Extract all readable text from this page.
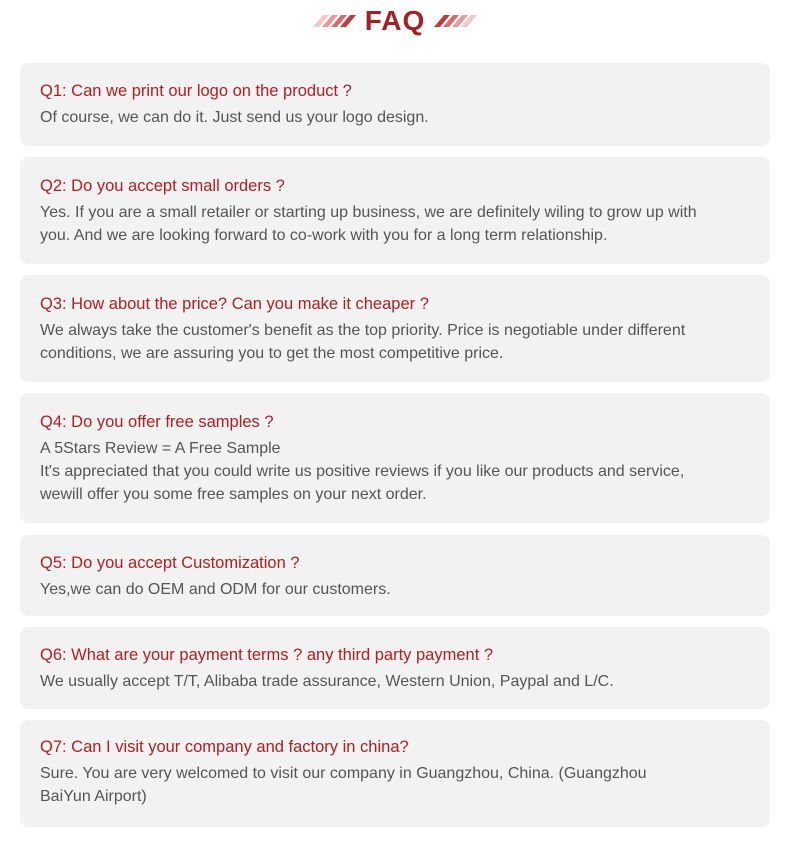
FAQ
Q1: Can we print our logo on the product ?
Of course, we can do it. Just send us your logo design.
Q2: Do you accept small orders ?
Yes. If you are a small retailer or starting up business, we are definitely wiling to grow up with
you. And we are looking forward to co-work with you for a long term relationship.
Q3: How about the price? Can you make it cheaper ?
We always take the customer's benefit as the top priority. Price is negotiable under different
conditions, we are assuring you to get the most competitive price.
Q4: Do you offer free samples ?
A 5Stars Review = A Free Sample
It's appreciated that you could write us positive reviews if you like our products and service,
wewill offer you some free samples on your next order.
Q5: Do you accept Customization ?
Yes,we can do OEM and ODM for our customers.
Q6: What are your payment terms ? any third party payment ?
We usually accept T/T, Alibaba trade assurance, Western Union, Paypal and L/C.
Q7: Can I visit your company and factory in china?
Sure. You are very welcomed to visit our company in Guangzhou, China. (Guangzhou
BaiYun Airport)
